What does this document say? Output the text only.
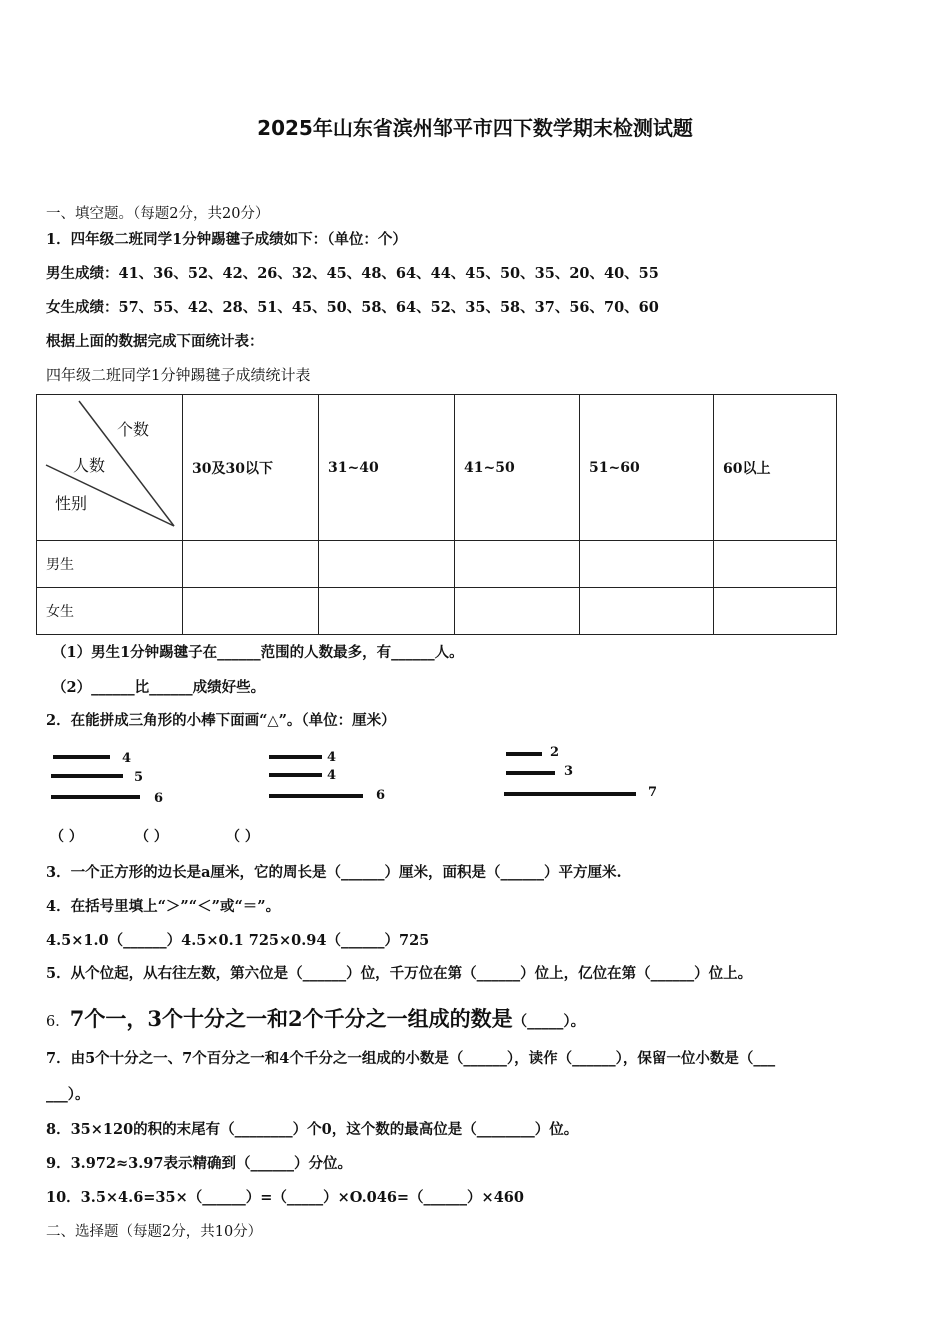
2025年山东省滨州邹平市四下数学期末检测试题
一、填空题。（每题2分，共20分）
1．四年级二班同学1分钟踢毽子成绩如下：（单位：个）
男生成绩：41、36、52、42、26、32、45、48、64、44、45、50、35、20、40、55
女生成绩：57、55、42、28、51、45、50、58、64、52、35、58、37、56、70、60
根据上面的数据完成下面统计表：
四年级二班同学1分钟踢毽子成绩统计表
个数
人数
性别	30及30以下	31~40	41~50	51~60	60以上
男生					
女生					
（1）男生1分钟踢毽子在______范围的人数最多，有______人。
（2）______比______成绩好些。
2．在能拼成三角形的小棒下面画“△”。（单位：厘米）
4
5
6
4
4
6
2
3
7
（ ）	（ ）	（ ）
3．一个正方形的边长是a厘米，它的周长是（______）厘米，面积是（______）平方厘米.
4．在括号里填上“＞”“＜”或“＝”。
4.5×1.0（______）4.5×0.1 725×0.94（______）725
5．从个位起，从右往左数，第六位是（______）位，千万位在第（______）位上，亿位在第（______）位上。
6．7个一，3个十分之一和2个千分之一组成的数是（_____）。
7．由5个十分之一、7个百分之一和4个千分之一组成的小数是（______），读作（______），保留一位小数是（___
___）。
8．35×120的积的末尾有（________）个0，这个数的最高位是（________）位。
9．3.972≈3.97表示精确到（______）分位。
10．3.5×4.6=35×（______）=（_____）×O.046=（______）×460
二、选择题（每题2分，共10分）
